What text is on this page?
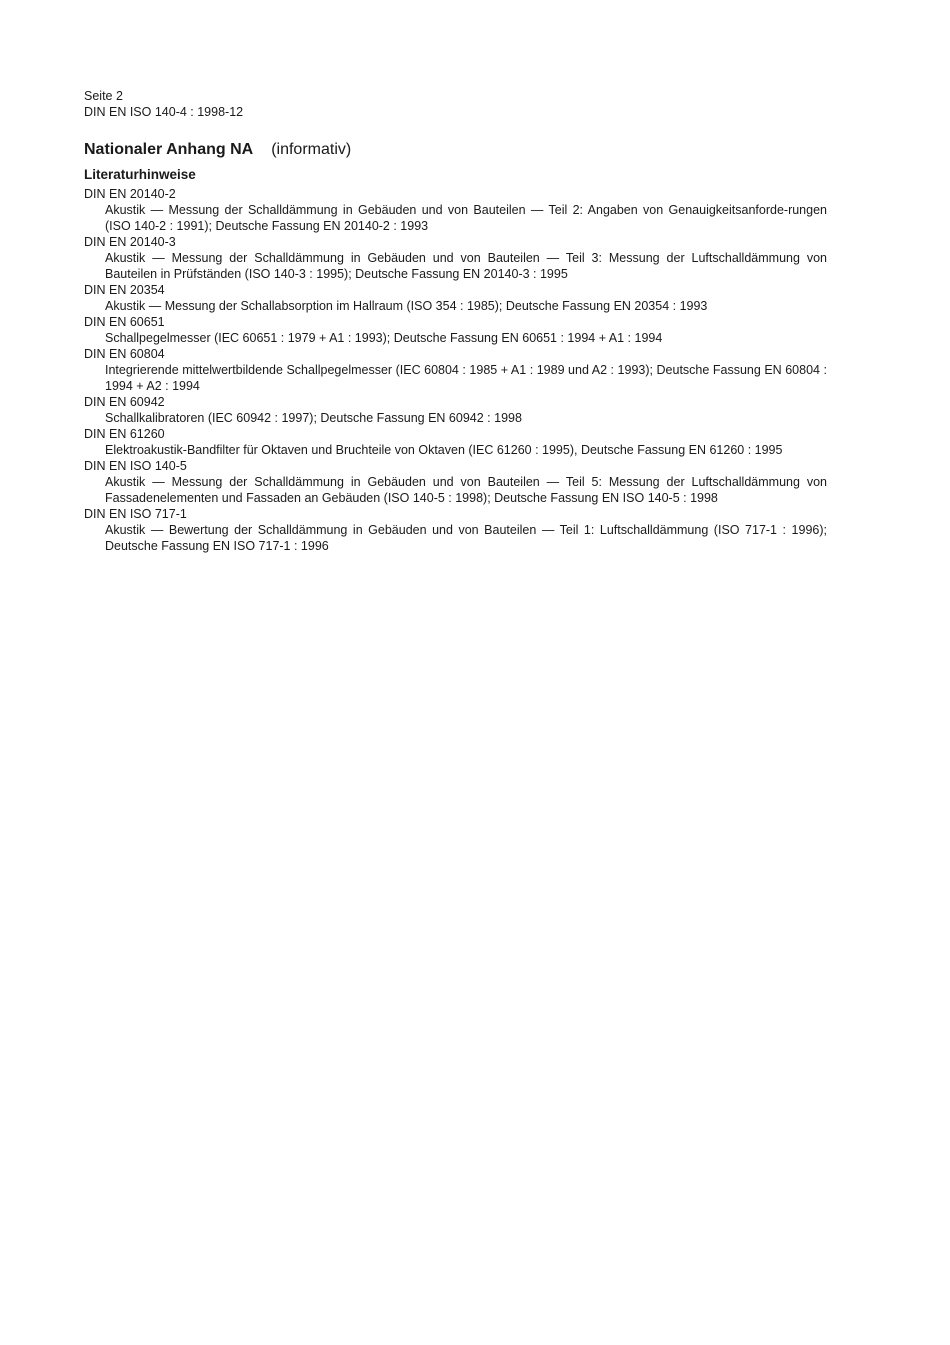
Seite 2
DIN EN ISO 140-4 : 1998-12
Nationaler Anhang NA (informativ)
Literaturhinweise
DIN EN 20140-2
Akustik — Messung der Schalldämmung in Gebäuden und von Bauteilen — Teil 2: Angaben von Genauigkeitsanforde-rungen (ISO 140-2 : 1991); Deutsche Fassung EN 20140-2 : 1993
DIN EN 20140-3
Akustik — Messung der Schalldämmung in Gebäuden und von Bauteilen — Teil 3: Messung der Luftschalldämmung von Bauteilen in Prüfständen (ISO 140-3 : 1995); Deutsche Fassung EN 20140-3 : 1995
DIN EN 20354
Akustik — Messung der Schallabsorption im Hallraum (ISO 354 : 1985); Deutsche Fassung EN 20354 : 1993
DIN EN 60651
Schallpegelmesser (IEC 60651 : 1979 + A1 : 1993); Deutsche Fassung EN 60651 : 1994 + A1 : 1994
DIN EN 60804
Integrierende mittelwertbildende Schallpegelmesser (IEC 60804 : 1985 + A1 : 1989 und A2 : 1993); Deutsche Fassung EN 60804 : 1994 + A2 : 1994
DIN EN 60942
Schallkalibratoren (IEC 60942 : 1997); Deutsche Fassung EN 60942 : 1998
DIN EN 61260
Elektroakustik-Bandfilter für Oktaven und Bruchteile von Oktaven (IEC 61260 : 1995), Deutsche Fassung EN 61260 : 1995
DIN EN ISO 140-5
Akustik — Messung der Schalldämmung in Gebäuden und von Bauteilen — Teil 5: Messung der Luftschalldämmung von Fassadenelementen und Fassaden an Gebäuden (ISO 140-5 : 1998); Deutsche Fassung EN ISO 140-5 : 1998
DIN EN ISO 717-1
Akustik — Bewertung der Schalldämmung in Gebäuden und von Bauteilen — Teil 1: Luftschalldämmung (ISO 717-1 : 1996); Deutsche Fassung EN ISO 717-1 : 1996
